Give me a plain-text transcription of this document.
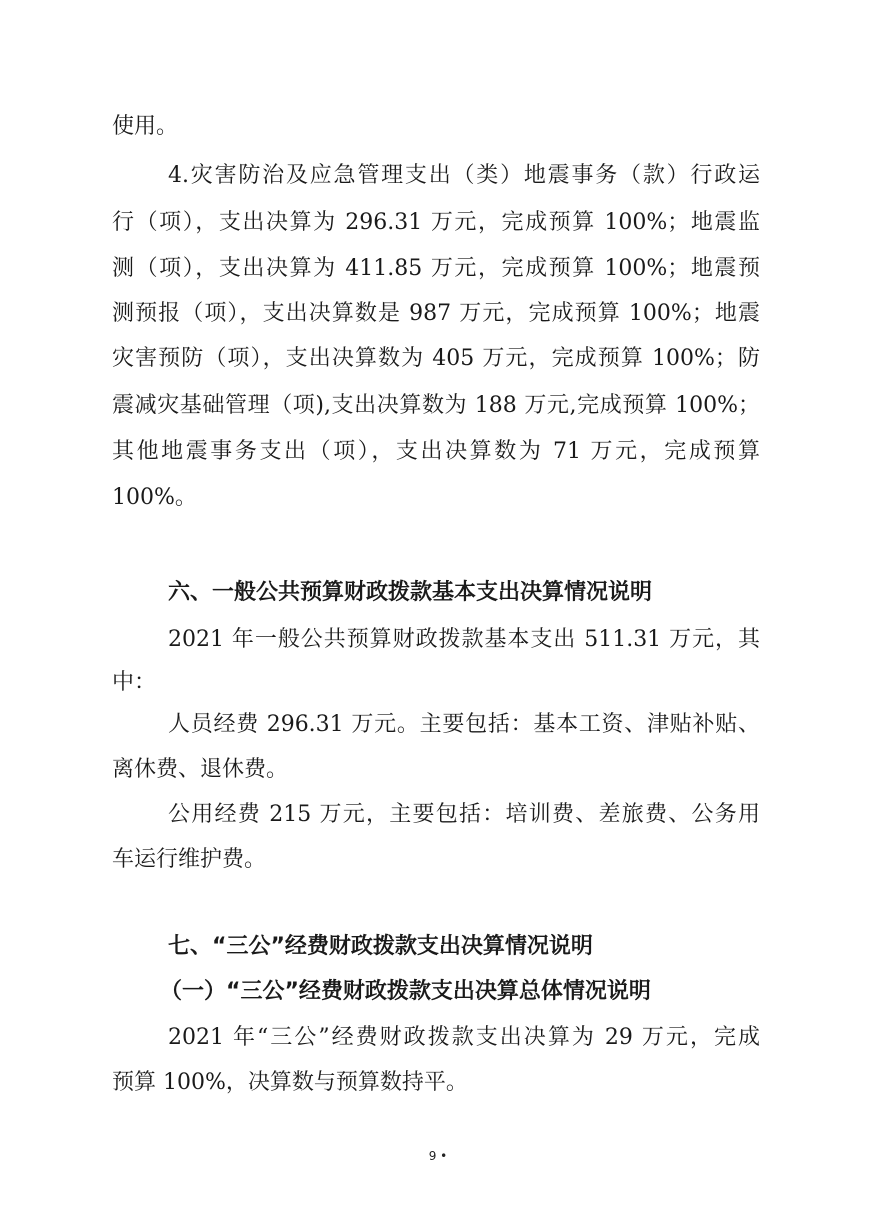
使用。
4.灾害防治及应急管理支出（类）地震事务（款）行政运
行（项），支出决算为 296.31 万元，完成预算 100%；地震监
测（项），支出决算为 411.85 万元，完成预算 100%；地震预
测预报（项），支出决算数是 987 万元，完成预算 100%；地震
灾害预防（项），支出决算数为 405 万元，完成预算 100%；防
震减灾基础管理（项),支出决算数为 188 万元,完成预算 100%；
其他地震事务支出（项），支出决算数为 71 万元，完成预算
100%。
六、一般公共预算财政拨款基本支出决算情况说明
2021 年一般公共预算财政拨款基本支出 511.31 万元，其
中：
人员经费 296.31 万元。主要包括：基本工资、津贴补贴、
离休费、退休费。
公用经费 215 万元，主要包括：培训费、差旅费、公务用
车运行维护费。
七、“三公”经费财政拨款支出决算情况说明
（一）“三公”经费财政拨款支出决算总体情况说明
2021 年“三公”经费财政拨款支出决算为 29 万元，完成
预算 100%，决算数与预算数持平。
9 •
